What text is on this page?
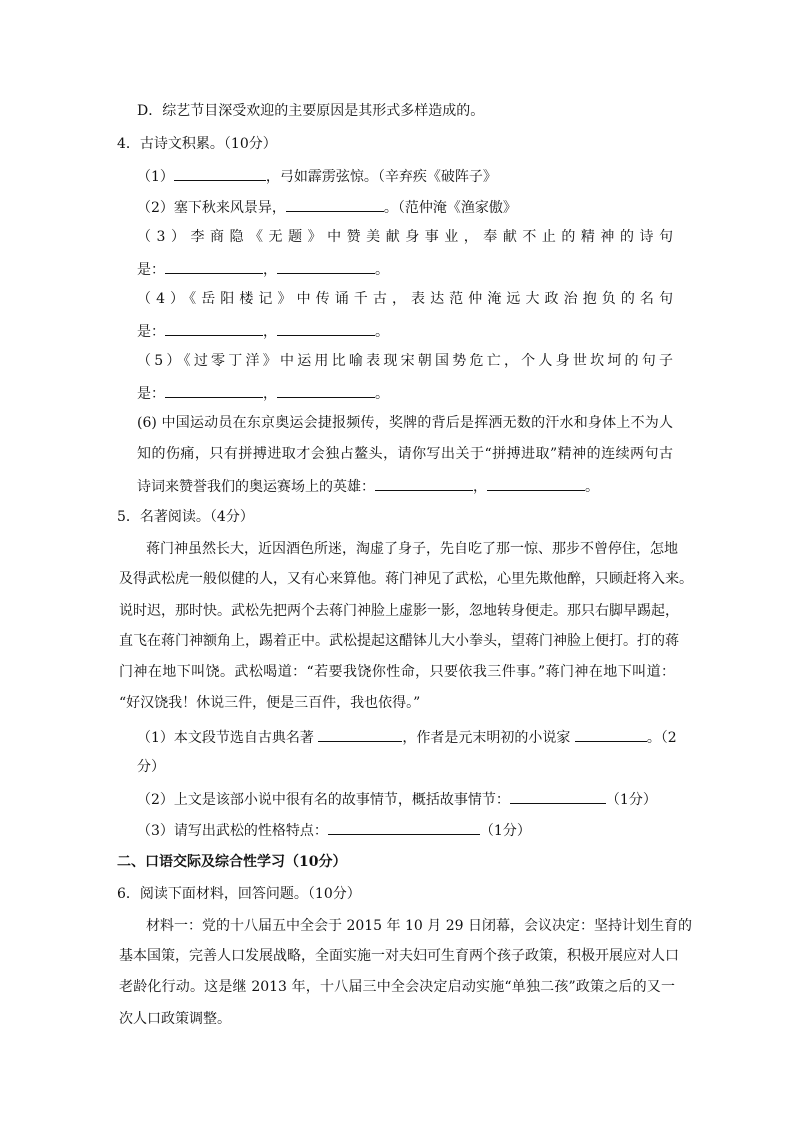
D．综艺节目深受欢迎的主要原因是其形式多样造成的。
4．古诗文积累。（10分）
（1）	，弓如霹雳弦惊。（辛弃疾《破阵子》
（2）塞下秋来风景异，	。（范仲淹《渔家傲》
（3）李商隐《无题》中赞美献身事业，奉献不止的精神的诗句
是：	，	。
（4）《岳阳楼记》中传诵千古，表达范仲淹远大政治抱负的名句
是：	，	。
（5）《过零丁洋》中运用比喻表现宋朝国势危亡，个人身世坎坷的句子
是：	，	。
(6) 中国运动员在东京奥运会捷报频传，奖牌的背后是挥洒无数的汗水和身体上不为人
知的伤痛，只有拼搏进取才会独占鳌头，请你写出关于“拼搏进取”精神的连续两句古
诗词来赞誉我们的奥运赛场上的英雄：	，	。
5．名著阅读。（4分）
蒋门神虽然长大，近因酒色所迷，淘虚了身子，先自吃了那一惊、那步不曾停住，怎地
及得武松虎一般似健的人，又有心来算他。蒋门神见了武松，心里先欺他醉，只顾赶将入来。
说时迟，那时快。武松先把两个去蒋门神脸上虚影一影，忽地转身便走。那只右脚早踢起，
直飞在蒋门神额角上，踢着正中。武松提起这醋钵儿大小拳头，望蒋门神脸上便打。打的蒋
门神在地下叫饶。武松喝道：“若要我饶你性命，只要依我三件事。”蒋门神在地下叫道：
“好汉饶我！休说三件，便是三百件，我也依得。”
（1）本文段节选自古典名著	，作者是元末明初的小说家	。（2
分）
（2）上文是该部小说中很有名的故事情节，概括故事情节：	（1分）
（3）请写出武松的性格特点：	（1分）
二、口语交际及综合性学习（10分）
6．阅读下面材料，回答问题。（10分）
材料一：党的十八届五中全会于 2015 年 10 月 29 日闭幕，会议决定：坚持计划生育的
基本国策，完善人口发展战略，全面实施一对夫妇可生育两个孩子政策，积极开展应对人口
老龄化行动。这是继 2013 年，十八届三中全会决定启动实施“单独二孩”政策之后的又一
次人口政策调整。
